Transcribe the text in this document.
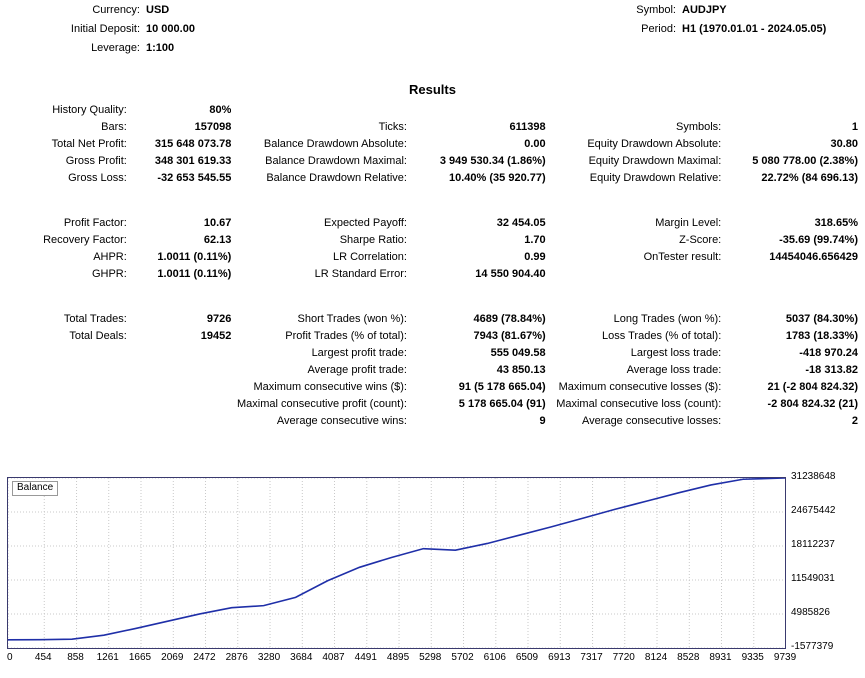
Currency: USD	Symbol: AUDJPY
Initial Deposit: 10 000.00	Period: H1 (1970.01.01 - 2024.05.05)
Leverage: 1:100
Results
History Quality:	80%
Bars:	157098	Ticks:	611398	Symbols:	1
Total Net Profit:	315 648 073.78	Balance Drawdown Absolute:	0.00	Equity Drawdown Absolute:	30.80
Gross Profit:	348 301 619.33	Balance Drawdown Maximal:	3 949 530.34 (1.86%)	Equity Drawdown Maximal:	5 080 778.00 (2.38%)
Gross Loss:	-32 653 545.55	Balance Drawdown Relative:	10.40% (35 920.77)	Equity Drawdown Relative:	22.72% (84 696.13)
Profit Factor:	10.67	Expected Payoff:	32 454.05	Margin Level:	318.65%
Recovery Factor:	62.13	Sharpe Ratio:	1.70	Z-Score:	-35.69 (99.74%)
AHPR:	1.0011 (0.11%)	LR Correlation:	0.99	OnTester result:	14454046.656429
GHPR:	1.0011 (0.11%)	LR Standard Error:	14 550 904.40
Total Trades:	9726	Short Trades (won %):	4689 (78.84%)	Long Trades (won %):	5037 (84.30%)
Total Deals:	19452	Profit Trades (% of total):	7943 (81.67%)	Loss Trades (% of total):	1783 (18.33%)
Largest profit trade:	555 049.58	Largest loss trade:	-418 970.24
Average profit trade:	43 850.13	Average loss trade:	-18 313.82
Maximum consecutive wins ($):	91 (5 178 665.04)	Maximum consecutive losses ($):	21 (-2 804 824.32)
Maximal consecutive profit (count):	5 178 665.04 (91) Maximal consecutive loss (count):	-2 804 824.32 (21)
Average consecutive wins:	9	Average consecutive losses:	2
Balance
31238648
24675442
18112237
11549031
4985826
-1577379
0 454 858 1261 1665 2069 2472 2876 3280 3684 4087 4491 4895 5298 5702 6106 6509 6913 7317 7720 8124 8528 8931 9335 9739
